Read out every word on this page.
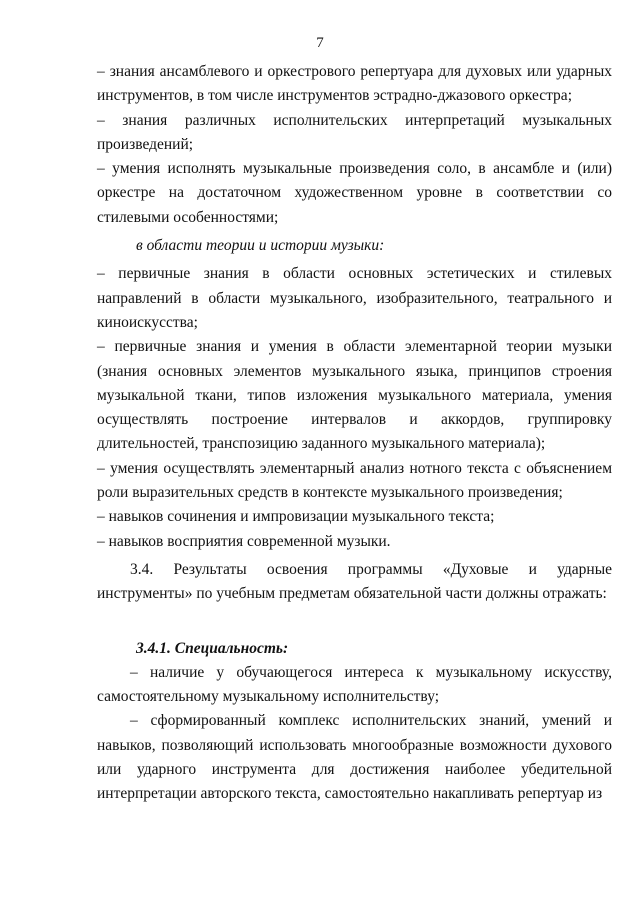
7

– знания ансамблевого и оркестрового репертуара для духовых или ударных инструментов, в том числе инструментов эстрадно-джазового оркестра;

– знания различных исполнительских интерпретаций музыкальных произведений;

– умения исполнять музыкальные произведения соло, в ансамбле и (или) оркестре на достаточном художественном уровне в соответствии со стилевыми особенностями;

в области теории и истории музыки:

– первичные знания в области основных эстетических и стилевых направлений в области музыкального, изобразительного, театрального и киноискусства;

– первичные знания и умения в области элементарной теории музыки (знания основных элементов музыкального языка, принципов строения музыкальной ткани, типов изложения музыкального материала, умения осуществлять построение интервалов и аккордов, группировку длительностей, транспозицию заданного музыкального материала);

– умения осуществлять элементарный анализ нотного текста с объяснением роли выразительных средств в контексте музыкального произведения;

– навыков сочинения и импровизации музыкального текста;

– навыков восприятия современной музыки.

3.4. Результаты освоения программы «Духовые и ударные инструменты» по учебным предметам обязательной части должны отражать:

3.4.1. Специальность:

– наличие у обучающегося интереса к музыкальному искусству, самостоятельному музыкальному исполнительству;

– сформированный комплекс исполнительских знаний, умений и навыков, позволяющий использовать многообразные возможности духового или ударного инструмента для достижения наиболее убедительной интерпретации авторского текста, самостоятельно накапливать репертуар из
